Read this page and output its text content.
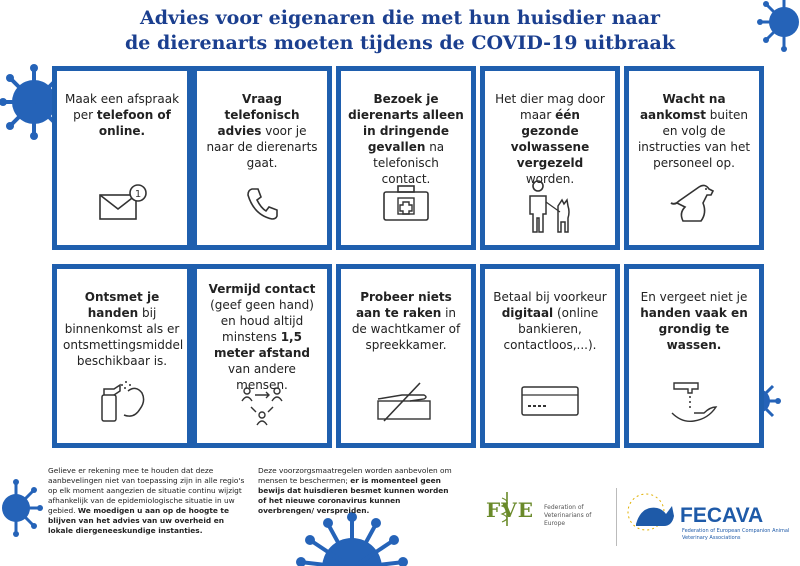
Advies voor eigenaren die met hun huisdier naar
de dierenarts moeten tijdens de COVID-19 uitbraak
Maak een afspraak per telefoon of online.
1
Vraag telefonisch advies voor je naar de dierenarts gaat.
Bezoek je dierenarts alleen in dringende gevallen na telefonisch contact.
Het dier mag door maar één gezonde volwassene vergezeld worden.
Wacht na aankomst buiten en volg de instructies van het personeel op.
Ontsmet je handen bij binnenkomst als er ontsmettingsmiddel beschikbaar is.
Vermijd contact (geef geen hand) en houd altijd minstens 1,5 meter afstand van andere mensen.
Probeer niets aan te raken in de wachtkamer of spreekkamer.
Betaal bij voorkeur digitaal (online bankieren, contactloos,...).
En vergeet niet je handen vaak en grondig te wassen.
Gelieve er rekening mee te houden dat deze aanbevelingen niet van toepassing zijn in alle regio's op elk moment aangezien de situatie continu wijzigt afhankelijk van de epidemiologische situatie in uw gebied. We moedigen u aan op de hoogte te blijven van het advies van uw overheid en lokale diergeneeskundige instanties.
Deze voorzorgsmaatregelen worden aanbevolen om mensen te beschermen; er is momenteel geen bewijs dat huisdieren besmet kunnen worden of het nieuwe coronavirus kunnen overbrengen/ verspreiden.	FVE Federation of Veterinarians of Europe	FECAVA
Federation of European Companion Animal Veterinary Associations
